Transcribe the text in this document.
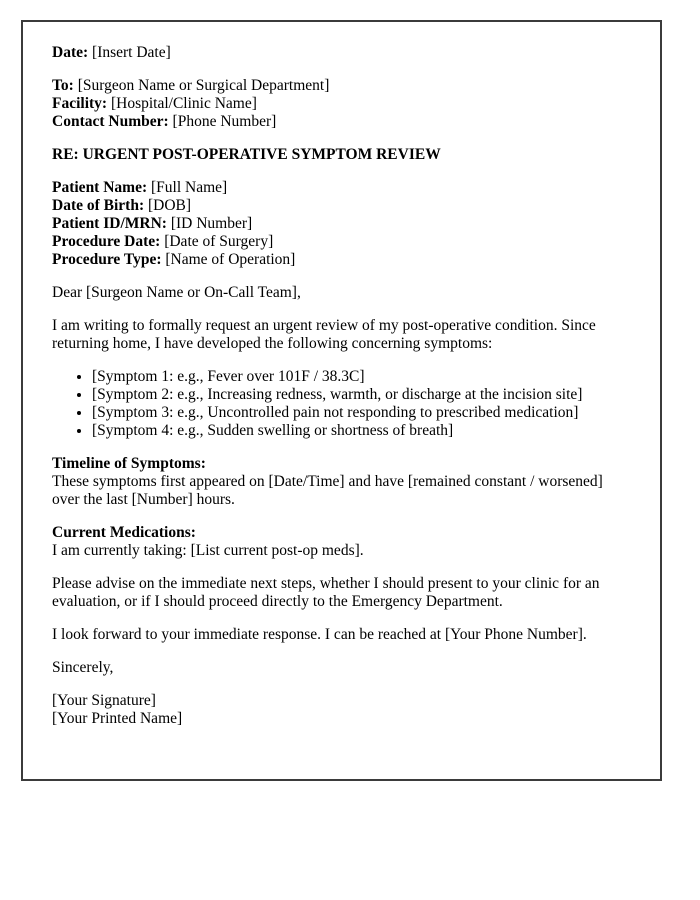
Date: [Insert Date]

To: [Surgeon Name or Surgical Department]
Facility: [Hospital/Clinic Name]
Contact Number: [Phone Number]

RE: URGENT POST-OPERATIVE SYMPTOM REVIEW

Patient Name: [Full Name]
Date of Birth: [DOB]
Patient ID/MRN: [ID Number]
Procedure Date: [Date of Surgery]
Procedure Type: [Name of Operation]

Dear [Surgeon Name or On-Call Team],

I am writing to formally request an urgent review of my post-operative condition. Since returning home, I have developed the following concerning symptoms:

• [Symptom 1: e.g., Fever over 101F / 38.3C]
• [Symptom 2: e.g., Increasing redness, warmth, or discharge at the incision site]
• [Symptom 3: e.g., Uncontrolled pain not responding to prescribed medication]
• [Symptom 4: e.g., Sudden swelling or shortness of breath]

Timeline of Symptoms:
These symptoms first appeared on [Date/Time] and have [remained constant / worsened] over the last [Number] hours.

Current Medications:
I am currently taking: [List current post-op meds].

Please advise on the immediate next steps, whether I should present to your clinic for an evaluation, or if I should proceed directly to the Emergency Department.

I look forward to your immediate response. I can be reached at [Your Phone Number].

Sincerely,

[Your Signature]
[Your Printed Name]
